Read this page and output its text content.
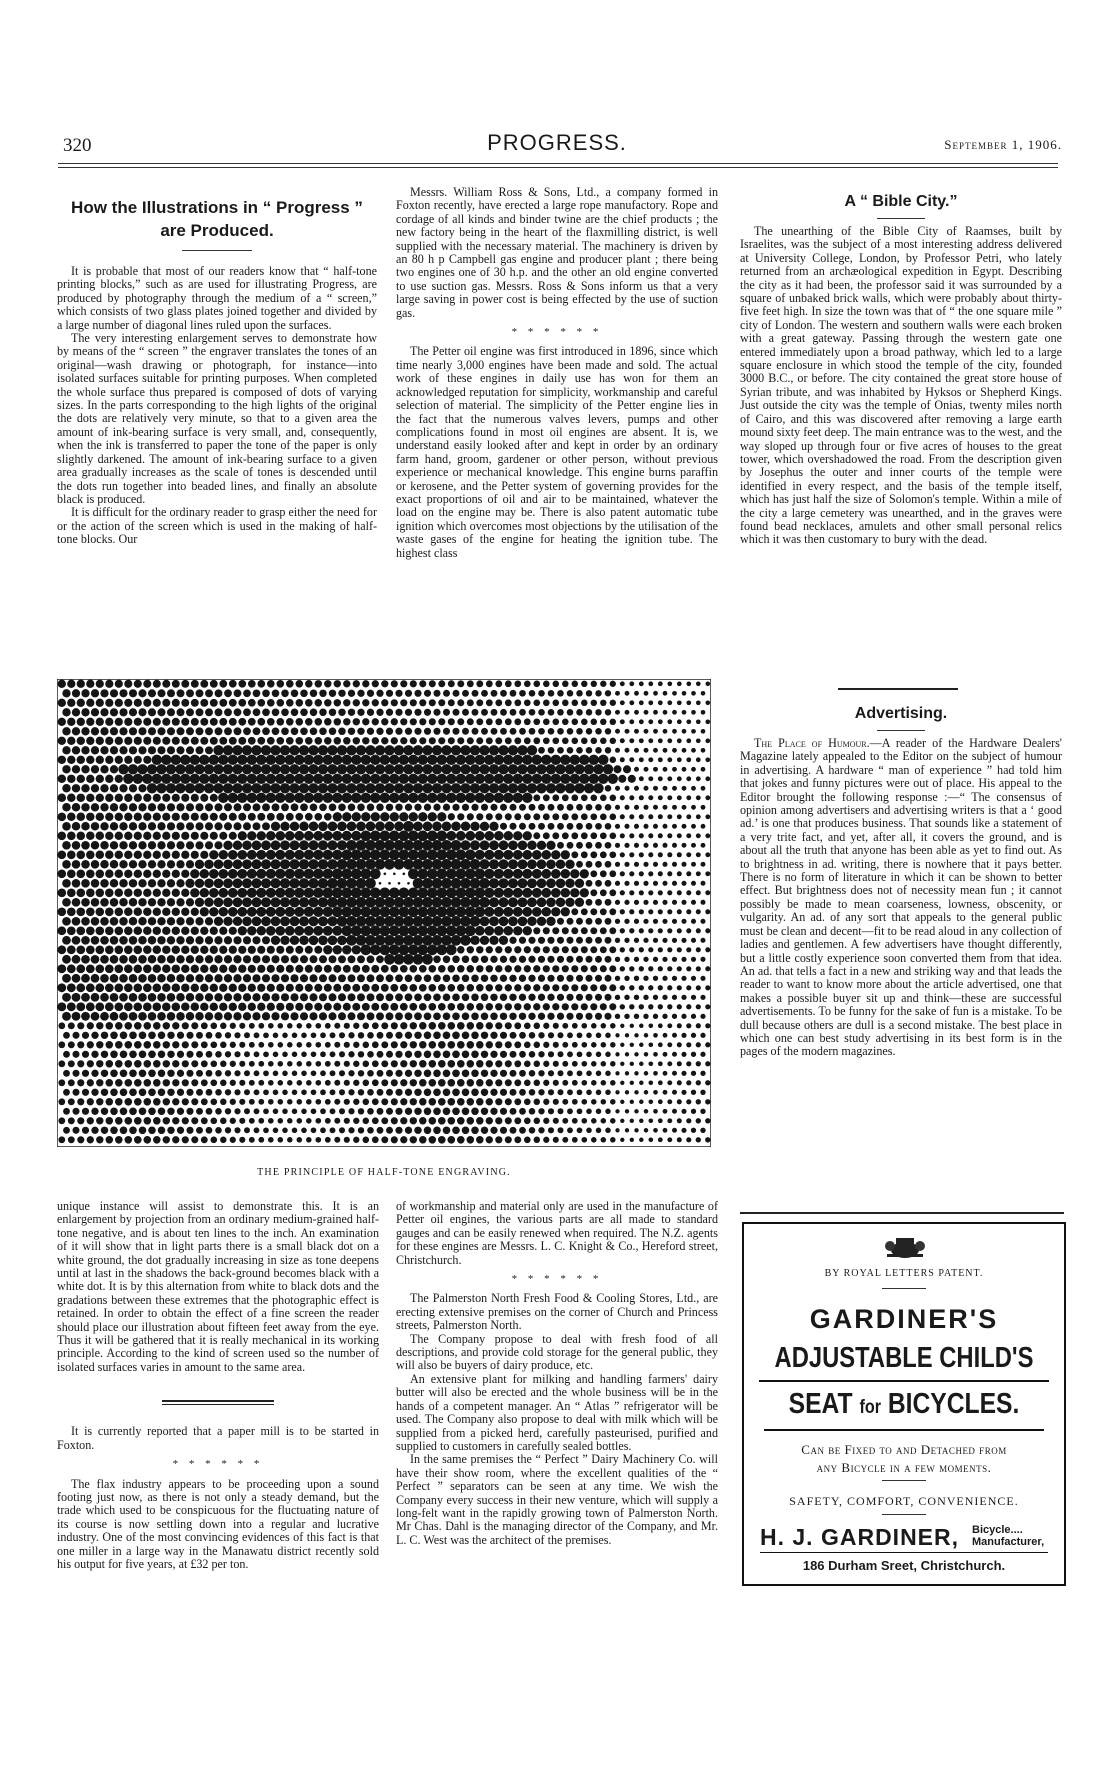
320	PROGRESS.	September 1, 1906.
How the Illustrations in “ Progress ”
are Produced.

It is probable that most of our readers know that “ half-tone printing blocks,” such as are used for illustrating Progress, are produced by photography through the medium of a “ screen,” which consists of two glass plates joined together and divided by a large number of diagonal lines ruled upon the surfaces.

The very interesting enlargement serves to demonstrate how by means of the “ screen ” the engraver translates the tones of an original—wash drawing or photograph, for instance—into isolated surfaces suitable for printing purposes. When completed the whole surface thus prepared is composed of dots of varying sizes. In the parts corresponding to the high lights of the original the dots are relatively very minute, so that to a given area the amount of ink-bearing surface is very small, and, consequently, when the ink is transferred to paper the tone of the paper is only slightly darkened. The amount of ink-bearing surface to a given area gradually increases as the scale of tones is descended until the dots run together into beaded lines, and finally an absolute black is produced.

It is difficult for the ordinary reader to grasp either the need for or the action of the screen which is used in the making of half-tone blocks. Our

Messrs. William Ross & Sons, Ltd., a company formed in Foxton recently, have erected a large rope manufactory. Rope and cordage of all kinds and binder twine are the chief products ; the new factory being in the heart of the flaxmilling district, is well supplied with the necessary material. The machinery is driven by an 80 h p Campbell gas engine and producer plant ; there being two engines one of 30 h.p. and the other an old engine converted to use suction gas. Messrs. Ross & Sons inform us that a very large saving in power cost is being effected by the use of suction gas.

* * * * * *

The Petter oil engine was first introduced in 1896, since which time nearly 3,000 engines have been made and sold. The actual work of these engines in daily use has won for them an acknowledged reputation for simplicity, workmanship and careful selection of material. The simplicity of the Petter engine lies in the fact that the numerous valves levers, pumps and other complications found in most oil engines are absent. It is, we understand easily looked after and kept in order by an ordinary farm hand, groom, gardener or other person, without previous experience or mechanical knowledge. This engine burns paraffin or kerosene, and the Petter system of governing provides for the exact proportions of oil and air to be maintained, whatever the load on the engine may be. There is also patent automatic tube ignition which overcomes most objections by the utilisation of the waste gases of the engine for heating the ignition tube. The highest class

A “ Bible City.”

The unearthing of the Bible City of Raamses, built by Israelites, was the subject of a most interesting address delivered at University College, London, by Professor Petri, who lately returned from an archæological expedition in Egypt. Describing the city as it had been, the professor said it was surrounded by a square of unbaked brick walls, which were probably about thirty-five feet high. In size the town was that of “ the one square mile ” city of London. The western and southern walls were each broken with a great gateway. Passing through the western gate one entered immediately upon a broad pathway, which led to a large square enclosure in which stood the temple of the city, founded 3000 B.C., or before. The city contained the great store house of Syrian tribute, and was inhabited by Hyksos or Shepherd Kings. Just outside the city was the temple of Onias, twenty miles north of Cairo, and this was discovered after removing a large earth mound sixty feet deep. The main entrance was to the west, and the way sloped up through four or five acres of houses to the great tower, which overshadowed the road. From the description given by Josephus the outer and inner courts of the temple were identified in every respect, and the basis of the temple itself, which has just half the size of Solomon's temple. Within a mile of the city a large cemetery was unearthed, and in the graves were found bead necklaces, amulets and other small personal relics which it was then customary to bury with the dead.

Advertising.

The Place of Humour.—A reader of the Hardware Dealers' Magazine lately appealed to the Editor on the subject of humour in advertising. A hardware “ man of experience ” had told him that jokes and funny pictures were out of place. His appeal to the Editor brought the following response :—“ The consensus of opinion among advertisers and advertising writers is that a ‘ good ad.’ is one that produces business. That sounds like a statement of a very trite fact, and yet, after all, it covers the ground, and is about all the truth that anyone has been able as yet to find out. As to brightness in ad. writing, there is nowhere that it pays better. There is no form of literature in which it can be shown to better effect. But brightness does not of necessity mean fun ; it cannot possibly be made to mean coarseness, lowness, obscenity, or vulgarity. An ad. of any sort that appeals to the general public must be clean and decent—fit to be read aloud in any collection of ladies and gentlemen. A few advertisers have thought differently, but a little costly experience soon converted them from that idea. An ad. that tells a fact in a new and striking way and that leads the reader to want to know more about the article advertised, one that makes a possible buyer sit up and think—these are successful advertisements. To be funny for the sake of fun is a mistake. To be dull because others are dull is a second mistake. The best place in which one can best study advertising in its best form is in the pages of the modern magazines.

THE PRINCIPLE OF HALF-TONE ENGRAVING.

unique instance will assist to demonstrate this. It is an enlargement by projection from an ordinary medium-grained half-tone negative, and is about ten lines to the inch. An examination of it will show that in light parts there is a small black dot on a white ground, the dot gradually increasing in size as tone deepens until at last in the shadows the back-ground becomes black with a white dot. It is by this alternation from white to black dots and the gradations between these extremes that the photographic effect is retained. In order to obtain the effect of a fine screen the reader should place our illustration about fifteen feet away from the eye. Thus it will be gathered that it is really mechanical in its working principle. According to the kind of screen used so the number of isolated surfaces varies in amount to the same area.

It is currently reported that a paper mill is to be started in Foxton.

* * * * * *

The flax industry appears to be proceeding upon a sound footing just now, as there is not only a steady demand, but the trade which used to be conspicuous for the fluctuating nature of its course is now settling down into a regular and lucrative industry. One of the most convincing evidences of this fact is that one miller in a large way in the Manawatu district recently sold his output for five years, at £32 per ton.

of workmanship and material only are used in the manufacture of Petter oil engines, the various parts are all made to standard gauges and can be easily renewed when required. The N.Z. agents for these engines are Messrs. L. C. Knight & Co., Hereford street, Christchurch.

* * * * * *

The Palmerston North Fresh Food & Cooling Stores, Ltd., are erecting extensive premises on the corner of Church and Princess streets, Palmerston North.

The Company propose to deal with fresh food of all descriptions, and provide cold storage for the general public, they will also be buyers of dairy produce, etc.

An extensive plant for milking and handling farmers' dairy butter will also be erected and the whole business will be in the hands of a competent manager. An “ Atlas ” refrigerator will be used. The Company also propose to deal with milk which will be supplied from a picked herd, carefully pasteurised, purified and supplied to customers in carefully sealed bottles.

In the same premises the “ Perfect ” Dairy Machinery Co. will have their show room, where the excellent qualities of the “ Perfect ” separators can be seen at any time. We wish the Company every success in their new venture, which will supply a long-felt want in the rapidly growing town of Palmerston North. Mr Chas. Dahl is the managing director of the Company, and Mr. L. C. West was the architect of the premises.

BY ROYAL LETTERS PATENT.
GARDINER'S
ADJUSTABLE CHILD'S
SEAT for BICYCLES.
Can be Fixed to and Detached from
any Bicycle in a few moments.
SAFETY, COMFORT, CONVENIENCE.
H. J. GARDINER, Bicycle....
Manufacturer,
186 Durham Sreet, Christchurch.
